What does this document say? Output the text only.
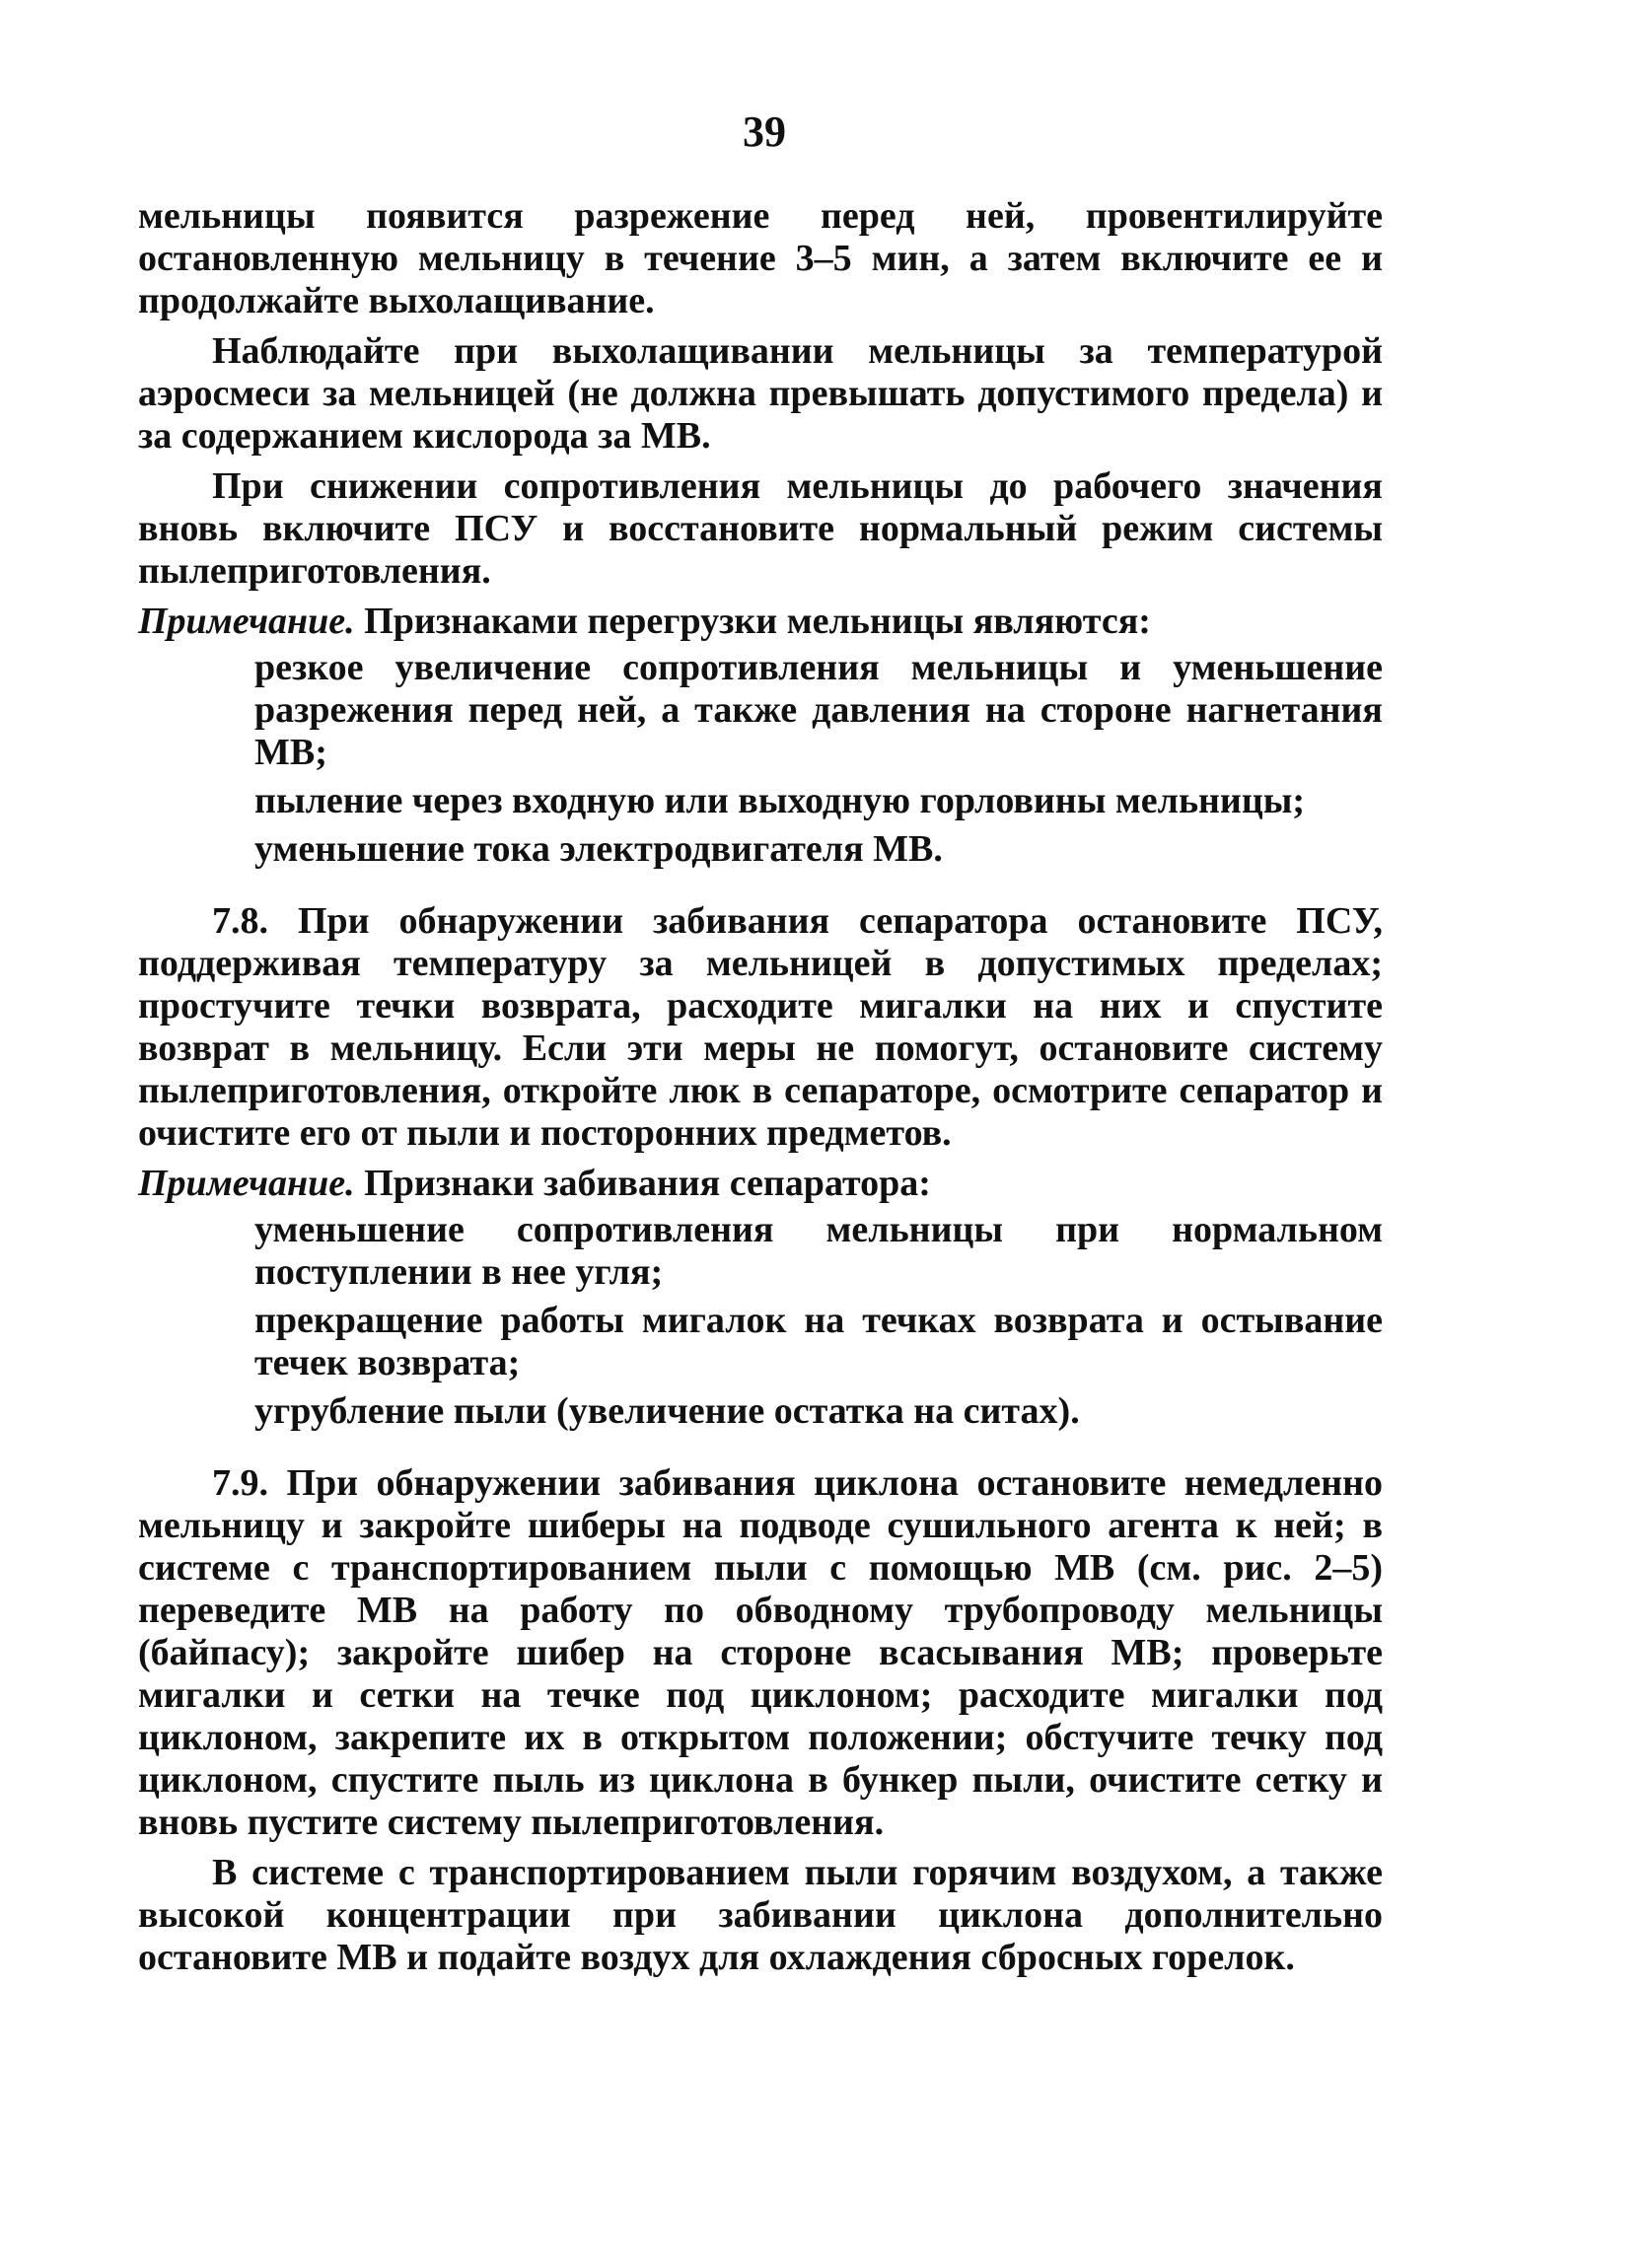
39

мельницы появится разрежение перед ней, провентилируйте остановленную мельницу в течение 3–5 мин, а затем включите ее и продолжайте выхолащивание.

Наблюдайте при выхолащивании мельницы за температурой аэросмеси за мельницей (не должна превышать допустимого предела) и за содержанием кислорода за МВ.

При снижении сопротивления мельницы до рабочего значения вновь включите ПСУ и восстановите нормальный режим системы пылеприготовления.

Примечание. Признаками перегрузки мельницы являются:

резкое увеличение сопротивления мельницы и уменьшение разрежения перед ней, а также давления на стороне нагнетания МВ;
пыление через входную или выходную горловины мельницы;
уменьшение тока электродвигателя МВ.

7.8. При обнаружении забивания сепаратора остановите ПСУ, поддерживая температуру за мельницей в допустимых пределах; простучите течки возврата, расходите мигалки на них и спустите возврат в мельницу. Если эти меры не помогут, остановите систему пылеприготовления, откройте люк в сепараторе, осмотрите сепаратор и очистите его от пыли и посторонних предметов.

Примечание. Признаки забивания сепаратора:

уменьшение сопротивления мельницы при нормальном поступлении в нее угля;
прекращение работы мигалок на течках возврата и остывание течек возврата;
угрубление пыли (увеличение остатка на ситах).

7.9. При обнаружении забивания циклона остановите немедленно мельницу и закройте шиберы на подводе сушильного агента к ней; в системе с транспортированием пыли с помощью МВ (см. рис. 2–5) переведите МВ на работу по обводному трубопроводу мельницы (байпасу); закройте шибер на стороне всасывания МВ; проверьте мигалки и сетки на течке под циклоном; расходите мигалки под циклоном, закрепите их в открытом положении; обстучите течку под циклоном, спустите пыль из циклона в бункер пыли, очистите сетку и вновь пустите систему пылеприготовления.

В системе с транспортированием пыли горячим воздухом, а также высокой концентрации при забивании циклона дополнительно остановите МВ и подайте воздух для охлаждения сбросных горелок.
